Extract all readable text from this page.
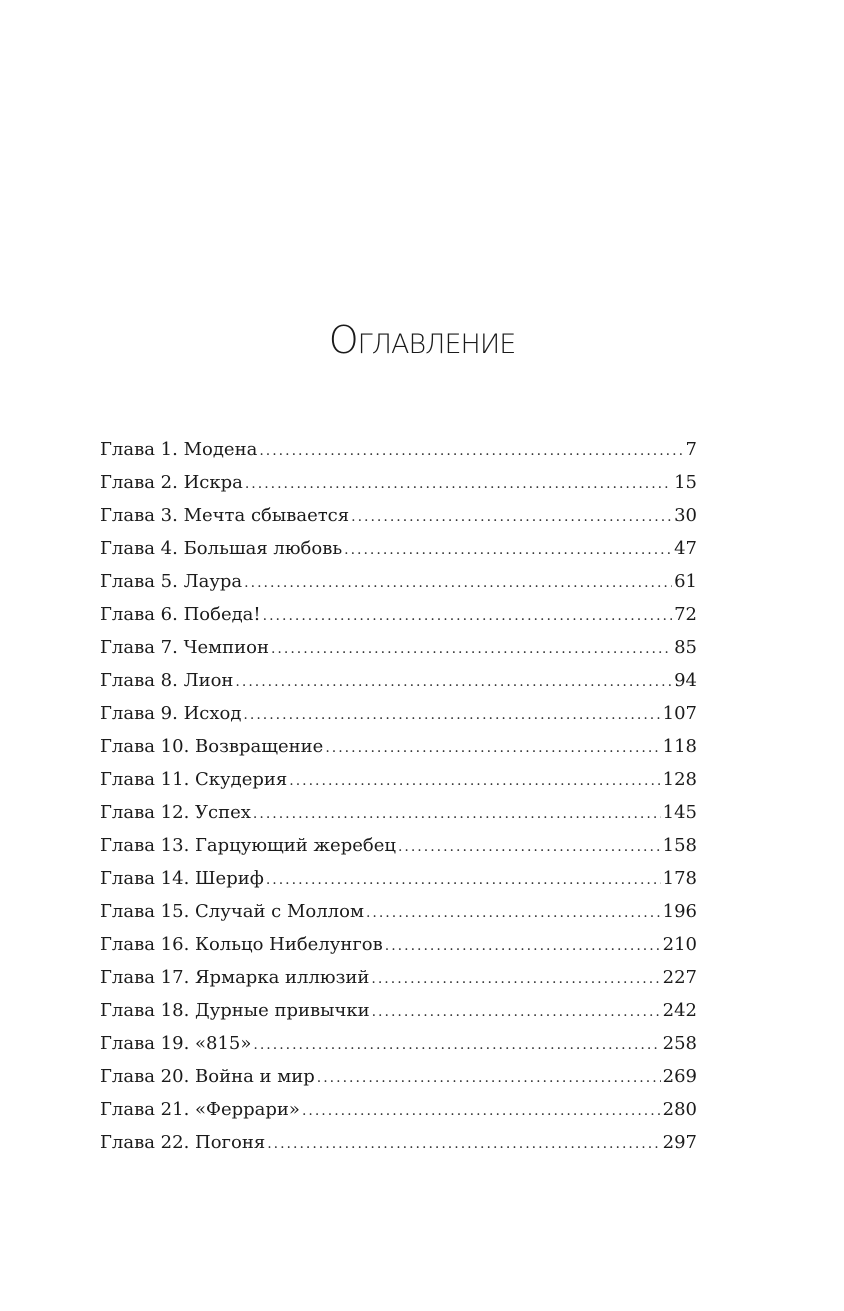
ОГЛАВЛЕНИЕ
Глава 1. Модена .....	7
Глава 2. Искра .....	15
Глава 3. Мечта сбывается .....	30
Глава 4. Большая любовь .....	47
Глава 5. Лаура .....	61
Глава 6. Победа! .....	72
Глава 7. Чемпион .....	85
Глава 8. Лион .....	94
Глава 9. Исход .....	107
Глава 10. Возвращение .....	118
Глава 11. Скудерия .....	128
Глава 12. Успех .....	145
Глава 13. Гарцующий жеребец .....	158
Глава 14. Шериф .....	178
Глава 15. Случай с Моллом .....	196
Глава 16. Кольцо Нибелунгов .....	210
Глава 17. Ярмарка иллюзий .....	227
Глава 18. Дурные привычки .....	242
Глава 19. «815» .....	258
Глава 20. Война и мир .....	269
Глава 21. «Феррари» .....	280
Глава 22. Погоня .....	297
